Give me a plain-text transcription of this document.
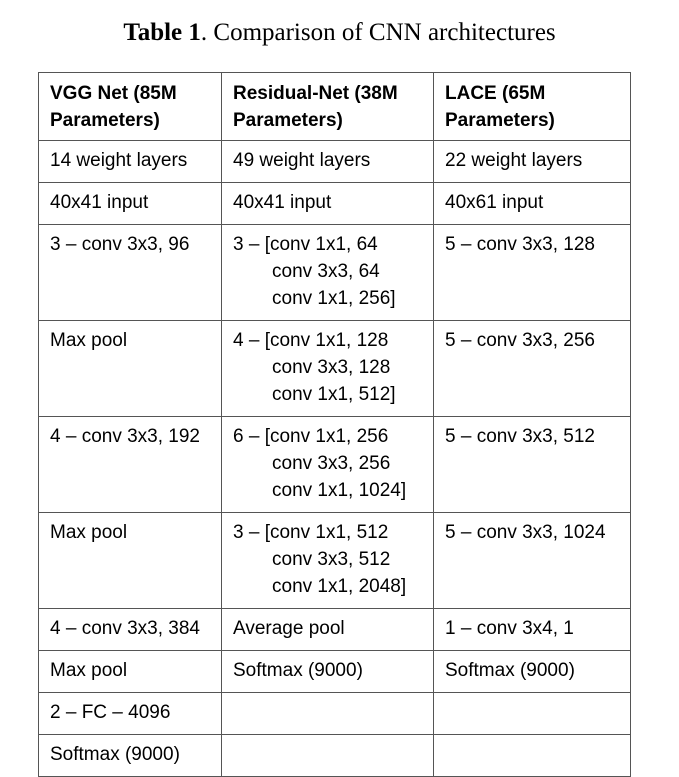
Table 1. Comparison of CNN architectures
VGG Net (85M Parameters)	Residual-Net (38M Parameters)	LACE (65M Parameters)

14 weight layers	49 weight layers	22 weight layers

40x41 input	40x41 input	40x61 input

3 – conv 3x3, 96	3 – [conv 1x1, 64
conv 3x3, 64
conv 1x1, 256]	5 – conv 3x3, 128

Max pool	4 – [conv 1x1, 128
conv 3x3, 128
conv 1x1, 512]	5 – conv 3x3, 256

4 – conv 3x3, 192	6 – [conv 1x1, 256
conv 3x3, 256
conv 1x1, 1024]	5 – conv 3x3, 512

Max pool	3 – [conv 1x1, 512
conv 3x3, 512
conv 1x1, 2048]	5 – conv 3x3, 1024

4 – conv 3x3, 384	Average pool	1 – conv 3x4, 1

Max pool	Softmax (9000)	Softmax (9000)

2 – FC – 4096		

Softmax (9000)		
